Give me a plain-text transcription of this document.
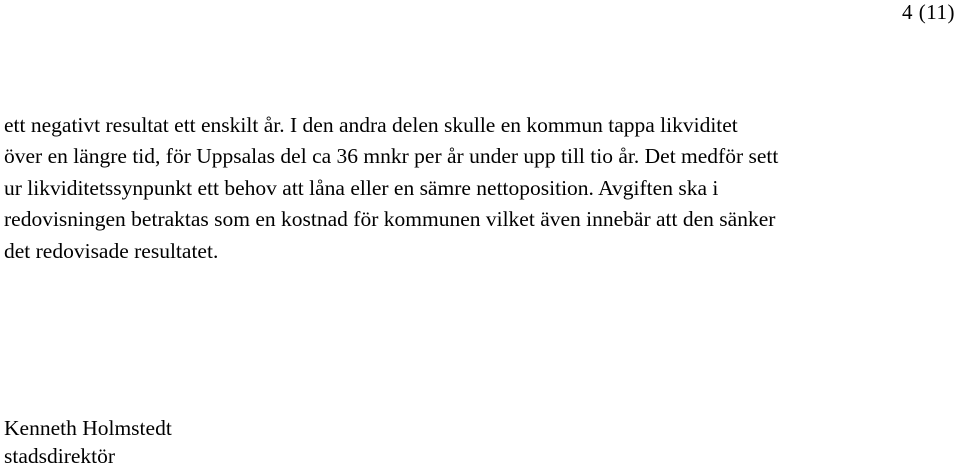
4 (11)

ett negativt resultat ett enskilt år. I den andra delen skulle en kommun tappa likviditet
över en längre tid, för Uppsalas del ca 36 mnkr per år under upp till tio år. Det medför sett
ur likviditetssynpunkt ett behov att låna eller en sämre nettoposition. Avgiften ska i
redovisningen betraktas som en kostnad för kommunen vilket även innebär att den sänker
det redovisade resultatet.

Kenneth Holmstedt
stadsdirektör
